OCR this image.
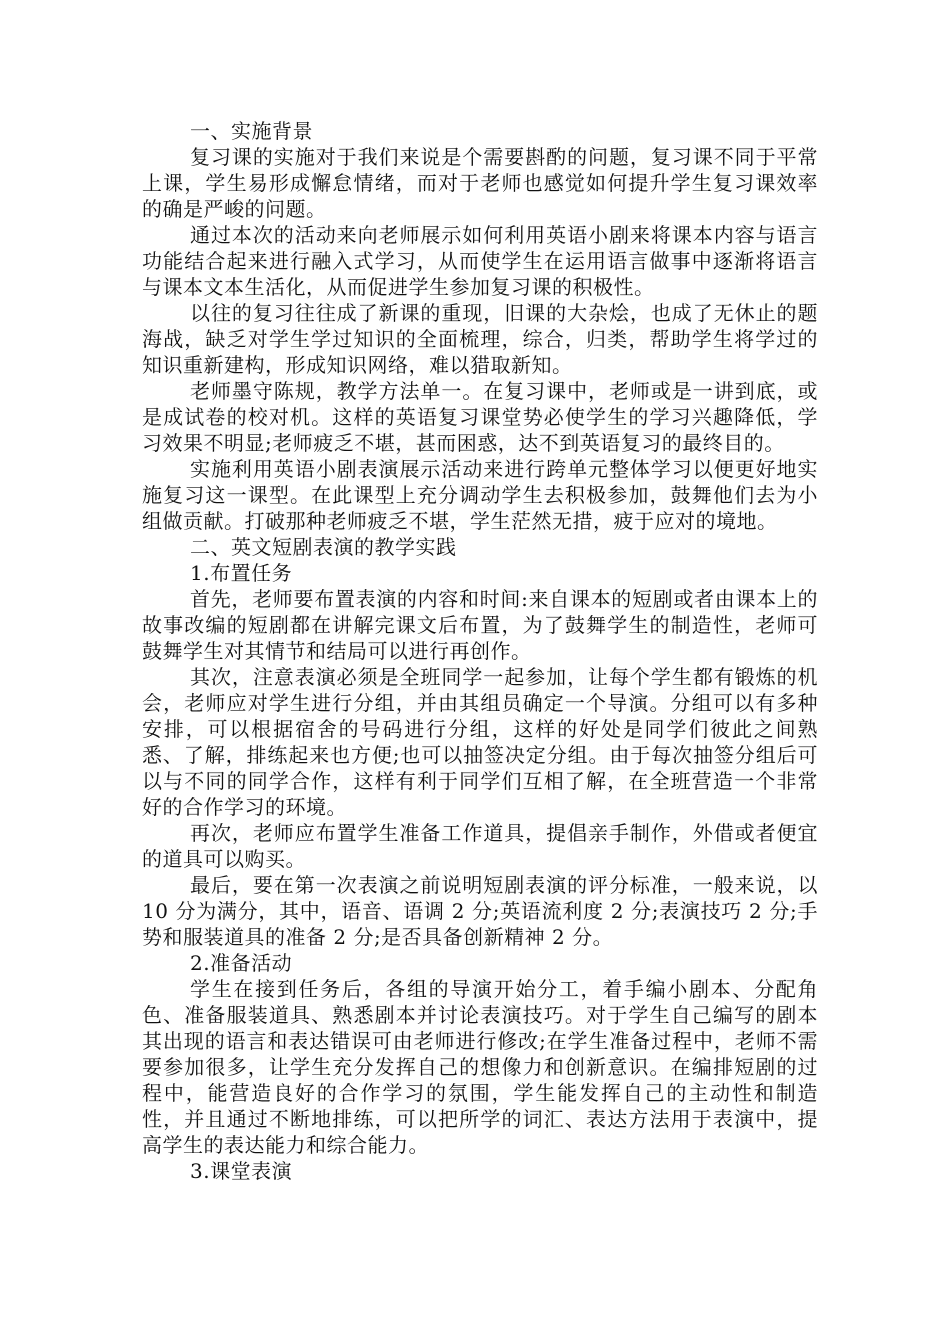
一、实施背景

复习课的实施对于我们来说是个需要斟酌的问题，复习课不同于平常上课，学生易形成懈怠情绪，而对于老师也感觉如何提升学生复习课效率的确是严峻的问题。

通过本次的活动来向老师展示如何利用英语小剧来将课本内容与语言功能结合起来进行融入式学习，从而使学生在运用语言做事中逐渐将语言与课本文本生活化，从而促进学生参加复习课的积极性。

以往的复习往往成了新课的重现，旧课的大杂烩，也成了无休止的题海战，缺乏对学生学过知识的全面梳理，综合，归类，帮助学生将学过的知识重新建构，形成知识网络，难以猎取新知。

老师墨守陈规，教学方法单一。在复习课中，老师或是一讲到底，或是成试卷的校对机。这样的英语复习课堂势必使学生的学习兴趣降低，学习效果不明显;老师疲乏不堪，甚而困惑，达不到英语复习的最终目的。

实施利用英语小剧表演展示活动来进行跨单元整体学习以便更好地实施复习这一课型。在此课型上充分调动学生去积极参加，鼓舞他们去为小组做贡献。打破那种老师疲乏不堪，学生茫然无措，疲于应对的境地。

二、英文短剧表演的教学实践

1.布置任务

首先，老师要布置表演的内容和时间:来自课本的短剧或者由课本上的故事改编的短剧都在讲解完课文后布置，为了鼓舞学生的制造性，老师可鼓舞学生对其情节和结局可以进行再创作。

其次，注意表演必须是全班同学一起参加，让每个学生都有锻炼的机会，老师应对学生进行分组，并由其组员确定一个导演。分组可以有多种安排，可以根据宿舍的号码进行分组，这样的好处是同学们彼此之间熟悉、了解，排练起来也方便;也可以抽签决定分组。由于每次抽签分组后可以与不同的同学合作，这样有利于同学们互相了解，在全班营造一个非常好的合作学习的环境。

再次，老师应布置学生准备工作道具，提倡亲手制作，外借或者便宜的道具可以购买。

最后，要在第一次表演之前说明短剧表演的评分标准，一般来说，以 10 分为满分，其中，语音、语调 2 分;英语流利度 2 分;表演技巧 2 分;手势和服装道具的准备 2 分;是否具备创新精神 2 分。

2.准备活动

学生在接到任务后，各组的导演开始分工，着手编小剧本、分配角色、准备服装道具、熟悉剧本并讨论表演技巧。对于学生自己编写的剧本其出现的语言和表达错误可由老师进行修改;在学生准备过程中，老师不需要参加很多，让学生充分发挥自己的想像力和创新意识。在编排短剧的过程中，能营造良好的合作学习的氛围，学生能发挥自己的主动性和制造性，并且通过不断地排练，可以把所学的词汇、表达方法用于表演中，提高学生的表达能力和综合能力。

3.课堂表演
